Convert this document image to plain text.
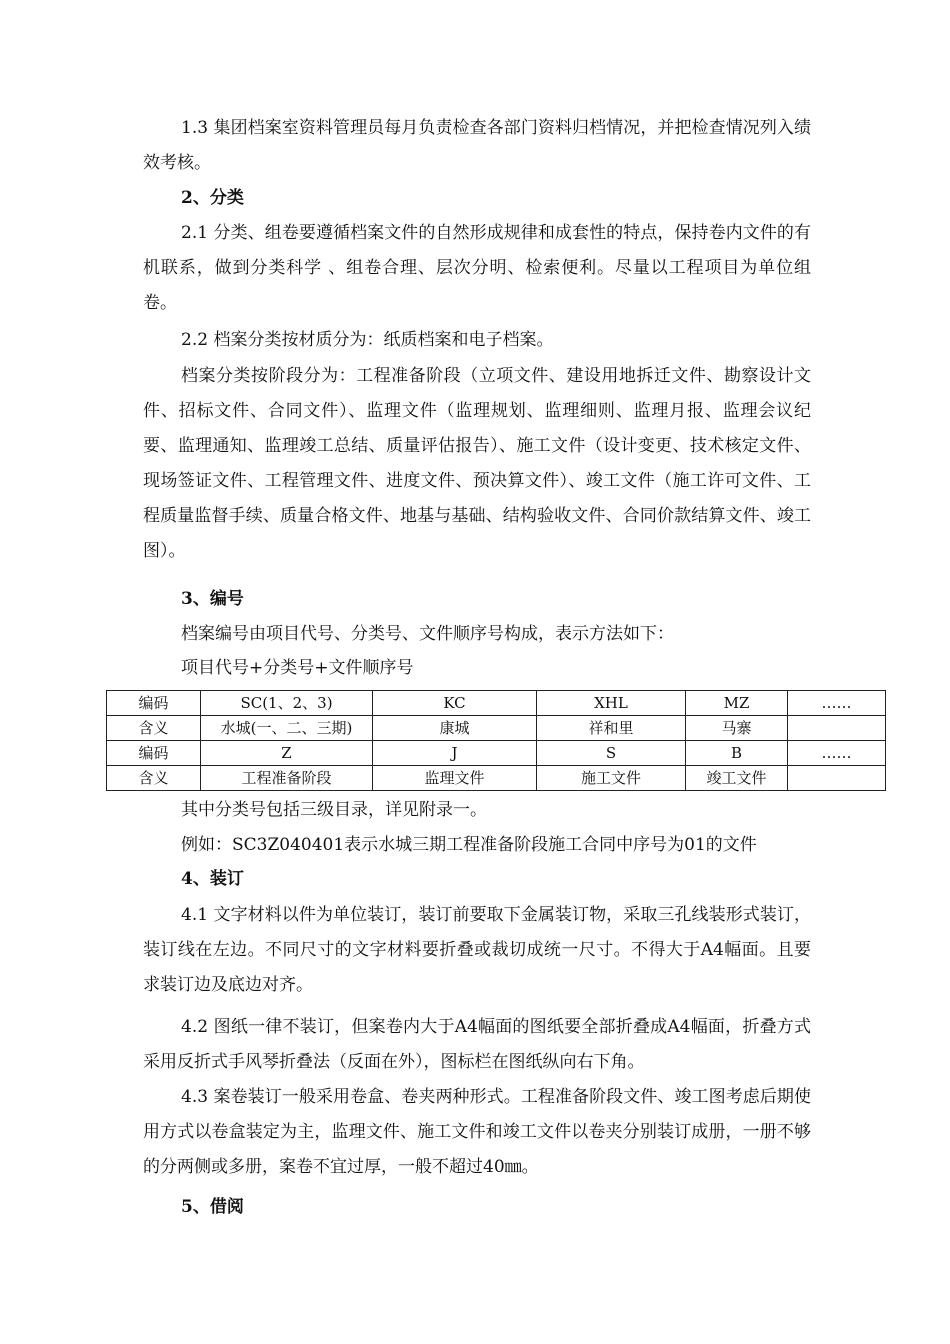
1.3 集团档案室资料管理员每月负责检查各部门资料归档情况，并把检查情况列入绩效考核。

2、分类

2.1 分类、组卷要遵循档案文件的自然形成规律和成套性的特点，保持卷内文件的有机联系，做到分类科学 、组卷合理、层次分明、检索便利。尽量以工程项目为单位组卷。

2.2 档案分类按材质分为：纸质档案和电子档案。

档案分类按阶段分为：工程准备阶段（立项文件、建设用地拆迁文件、勘察设计文件、招标文件、合同文件）、监理文件（监理规划、监理细则、监理月报、监理会议纪要、监理通知、监理竣工总结、质量评估报告）、施工文件（设计变更、技术核定文件、现场签证文件、工程管理文件、进度文件、预决算文件）、竣工文件（施工许可文件、工程质量监督手续、质量合格文件、地基与基础、结构验收文件、合同价款结算文件、竣工图）。

3、编号

档案编号由项目代号、分类号、文件顺序号构成，表示方法如下：

项目代号+分类号+文件顺序号

编码	SC(1、2、3)	KC	XHL	MZ	……
含义	水城(一、二、三期)	康城	祥和里	马寨	
编码	Z	J	S	B	……
含义	工程准备阶段	监理文件	施工文件	竣工文件	

其中分类号包括三级目录，详见附录一。

例如：SC3Z040401表示水城三期工程准备阶段施工合同中序号为01的文件

4、装订

4.1 文字材料以件为单位装订，装订前要取下金属装订物，采取三孔线装形式装订，装订线在左边。不同尺寸的文字材料要折叠或裁切成统一尺寸。不得大于A4幅面。且要求装订边及底边对齐。

4.2 图纸一律不装订，但案卷内大于A4幅面的图纸要全部折叠成A4幅面，折叠方式采用反折式手风琴折叠法（反面在外），图标栏在图纸纵向右下角。

4.3 案卷装订一般采用卷盒、卷夹两种形式。工程准备阶段文件、竣工图考虑后期使用方式以卷盒装定为主，监理文件、施工文件和竣工文件以卷夹分别装订成册，一册不够的分两侧或多册，案卷不宜过厚，一般不超过40㎜。

5、借阅
